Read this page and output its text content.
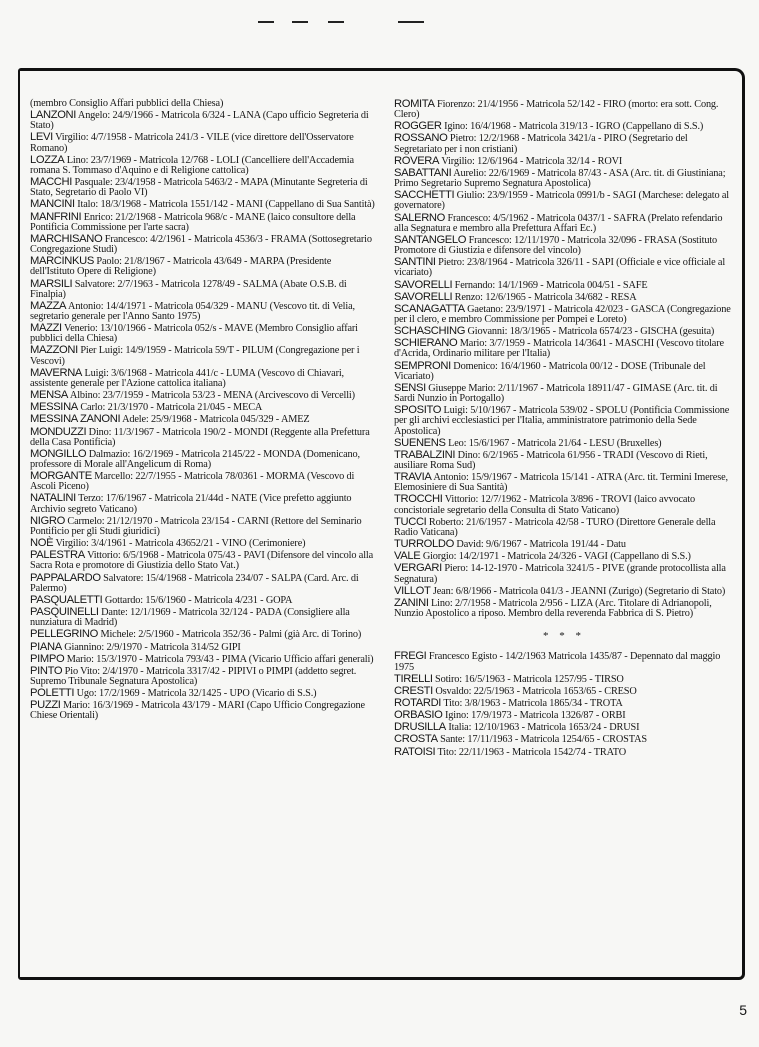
(membro Consiglio Affari pubblici della Chiesa)
LANZONI Angelo: 24/9/1966 - Matricola 6/324 - LANA (Capo ufficio Segreteria di Stato)
LEVI Virgilio: 4/7/1958 - Matricola 241/3 - VILE (vice direttore dell'Osservatore Romano)
LOZZA Lino: 23/7/1969 - Matricola 12/768 - LOLI (Cancelliere dell'Accademia romana S. Tommaso d'Aquino e di Religione cattolica)
MACCHI Pasquale: 23/4/1958 - Matricola 5463/2 - MAPA (Minutante Segreteria di Stato, Segretario di Paolo VI)
MANCINI Italo: 18/3/1968 - Matricola 1551/142 - MANI (Cappellano di Sua Santità)
MANFRINI Enrico: 21/2/1968 - Matricola 968/c - MANE (laico consultore della Pontificia Commissione per l'arte sacra)
MARCHISANO Francesco: 4/2/1961 - Matricola 4536/3 - FRAMA (Sottosegretario Congregazione Studi)
MARCINKUS Paolo: 21/8/1967 - Matricola 43/649 - MARPA (Presidente dell'Istituto Opere di Religione)
MARSILI Salvatore: 2/7/1963 - Matricola 1278/49 - SALMA (Abate O.S.B. di Finalpia)
MAZZA Antonio: 14/4/1971 - Matricola 054/329 - MANU (Vescovo tit. di Velia, segretario generale per l'Anno Santo 1975)
MAZZI Venerio: 13/10/1966 - Matricola 052/s - MAVE (Membro Consiglio affari pubblici della Chiesa)
MAZZONI Pier Luigi: 14/9/1959 - Matricola 59/T - PILUM (Congregazione per i Vescovi)
MAVERNA Luigi: 3/6/1968 - Matricola 441/c - LUMA (Vescovo di Chiavari, assistente generale per l'Azione cattolica italiana)
MENSA Albino: 23/7/1959 - Matricola 53/23 - MENA (Arcivescovo di Vercelli)
MESSINA Carlo: 21/3/1970 - Matricola 21/045 - MECA
MESSINA ZANONI Adele: 25/9/1968 - Matricola 045/329 - AMEZ
MONDUZZI Dino: 11/3/1967 - Matricola 190/2 - MONDI (Reggente alla Prefettura della Casa Pontificia)
MONGILLO Dalmazio: 16/2/1969 - Matricola 2145/22 - MONDA (Domenicano, professore di Morale all'Angelicum di Roma)
MORGANTE Marcello: 22/7/1955 - Matricola 78/0361 - MORMA (Vescovo di Ascoli Piceno)
NATALINI Terzo: 17/6/1967 - Matricola 21/44d - NATE (Vice prefetto aggiunto Archivio segreto Vaticano)
NIGRO Carmelo: 21/12/1970 - Matricola 23/154 - CARNI (Rettore del Seminario Pontificio per gli Studi giuridici)
NOÈ Virgilio: 3/4/1961 - Matricola 43652/21 - VINO (Cerimoniere)
PALESTRA Vittorio: 6/5/1968 - Matricola 075/43 - PAVI (Difensore del vincolo alla Sacra Rota e promotore di Giustizia dello Stato Vat.)
PAPPALARDO Salvatore: 15/4/1968 - Matricola 234/07 - SALPA (Card. Arc. di Palermo)
PASQUALETTI Gottardo: 15/6/1960 - Matricola 4/231 - GOPA
PASQUINELLI Dante: 12/1/1969 - Matricola 32/124 - PADA (Consigliere alla nunziatura di Madrid)
PELLEGRINO Michele: 2/5/1960 - Matricola 352/36 - Palmi (già Arc. di Torino)
PIANA Giannino: 2/9/1970 - Matricola 314/52 GIPI
PIMPO Mario: 15/3/1970 - Matricola 793/43 - PIMA (Vicario Ufficio affari generali)
PINTO Pio Vito: 2/4/1970 - Matricola 3317/42 - PIPIVI o PIMPI (addetto segret. Supremo Tribunale Segnatura Apostolica)
POLETTI Ugo: 17/2/1969 - Matricola 32/1425 - UPO (Vicario di S.S.)
PUZZI Mario: 16/3/1969 - Matricola 43/179 - MARI (Capo Ufficio Congregazione Chiese Orientali)
ROMITA Fiorenzo: 21/4/1956 - Matricola 52/142 - FIRO (morto: era sott. Cong. Clero)
ROGGER Igino: 16/4/1968 - Matricola 319/13 - IGRO (Cappellano di S.S.)
ROSSANO Pietro: 12/2/1968 - Matricola 3421/a - PIRO (Segretario del Segretariato per i non cristiani)
ROVERA Virgilio: 12/6/1964 - Matricola 32/14 - ROVI
SABATTANI Aurelio: 22/6/1969 - Matricola 87/43 - ASA (Arc. tit. di Giustiniana; Primo Segretario Supremo Segnatura Apostolica)
SACCHETTI Giulio: 23/9/1959 - Matricola 0991/b - SAGI (Marchese: delegato al governatore)
SALERNO Francesco: 4/5/1962 - Matricola 0437/1 - SAFRA (Prelato refendario alla Segnatura e membro alla Prefettura Affari Ec.)
SANTANGELO Francesco: 12/11/1970 - Matricola 32/096 - FRASA (Sostituto Promotore di Giustizia e difensore del vincolo)
SANTINI Pietro: 23/8/1964 - Matricola 326/11 - SAPI (Officiale e vice officiale al vicariato)
SAVORELLI Fernando: 14/1/1969 - Matricola 004/51 - SAFE
SAVORELLI Renzo: 12/6/1965 - Matricola 34/682 - RESA
SCANAGATTA Gaetano: 23/9/1971 - Matricola 42/023 - GASCA (Congregazione per il clero, e membro Commissione per Pompei e Loreto)
SCHASCHING Giovanni: 18/3/1965 - Matricola 6574/23 - GISCHA (gesuita)
SCHIERANO Mario: 3/7/1959 - Matricola 14/3641 - MASCHI (Vescovo titolare d'Acrida, Ordinario militare per l'Italia)
SEMPRONI Domenico: 16/4/1960 - Matricola 00/12 - DOSE (Tribunale del Vicariato)
SENSI Giuseppe Mario: 2/11/1967 - Matricola 18911/47 - GIMASE (Arc. tit. di Sardi Nunzio in Portogallo)
SPOSITO Luigi: 5/10/1967 - Matricola 539/02 - SPOLU (Pontificia Commissione per gli archivi ecclesiastici per l'Italia, amministratore patrimonio della Sede Apostolica)
SUENENS Leo: 15/6/1967 - Matricola 21/64 - LESU (Bruxelles)
TRABALZINI Dino: 6/2/1965 - Matricola 61/956 - TRADI (Vescovo di Rieti, ausiliare Roma Sud)
TRAVIA Antonio: 15/9/1967 - Matricola 15/141 - ATRA (Arc. tit. Termini Imerese, Elemosiniere di Sua Santità)
TROCCHI Vittorio: 12/7/1962 - Matricola 3/896 - TROVI (laico avvocato concistoriale segretario della Consulta di Stato Vaticano)
TUCCI Roberto: 21/6/1957 - Matricola 42/58 - TURO (Direttore Generale della Radio Vaticana)
TURROLDO David: 9/6/1967 - Matricola 191/44 - Datu
VALE Giorgio: 14/2/1971 - Matricola 24/326 - VAGI (Cappellano di S.S.)
VERGARI Piero: 14-12-1970 - Matricola 3241/5 - PIVE (grande protocollista alla Segnatura)
VILLOT Jean: 6/8/1966 - Matricola 041/3 - JEANNI (Zurigo) (Segretario di Stato)
ZANINI Lino: 2/7/1958 - Matricola 2/956 - LIZA (Arc. Titolare di Adrianopoli, Nunzio Apostolico a riposo. Membro della reverenda Fabbrica di S. Pietro)
* * *
FREGI Francesco Egisto - 14/2/1963 Matricola 1435/87 - Depennato dal maggio 1975
TIRELLI Sotiro: 16/5/1963 - Matricola 1257/95 - TIRSO
CRESTI Osvaldo: 22/5/1963 - Matricola 1653/65 - CRESO
ROTARDI Tito: 3/8/1963 - Matricola 1865/34 - TROTA
ORBASIO Igino: 17/9/1973 - Matricola 1326/87 - ORBI
DRUSILLA Italia: 12/10/1963 - Matricola 1653/24 - DRUSI
CROSTA Sante: 17/11/1963 - Matricola 1254/65 - CROSTAS
RATOISI Tito: 22/11/1963 - Matricola 1542/74 - TRATO
5
